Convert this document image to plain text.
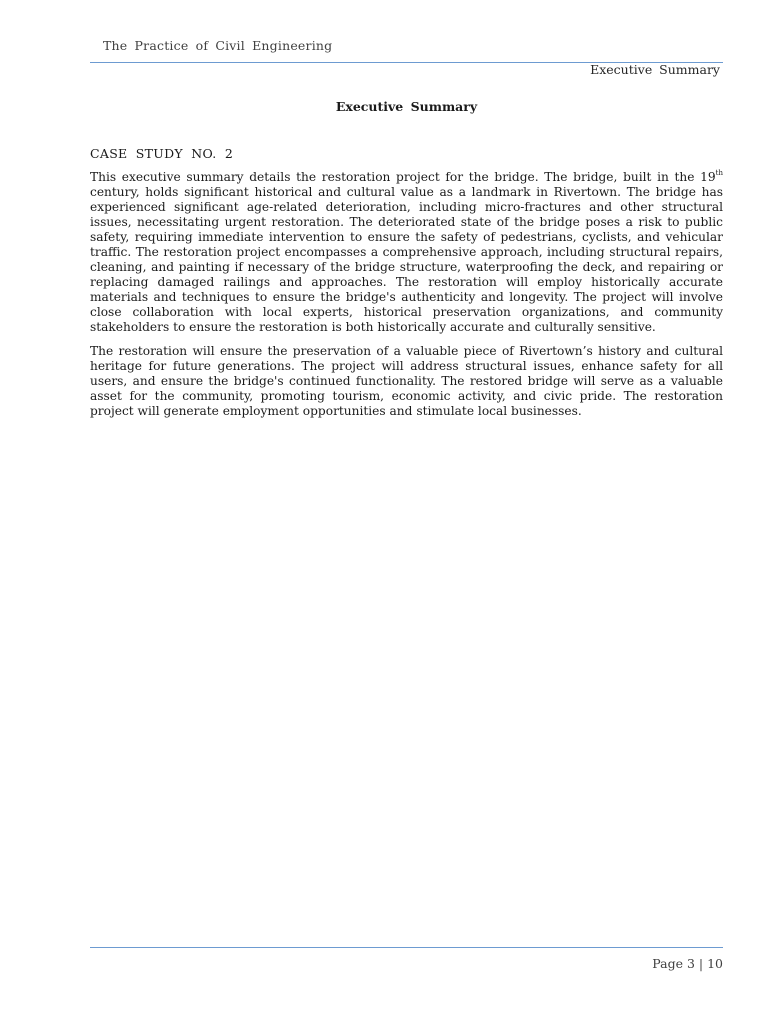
The Practice of Civil Engineering
Executive Summary
Executive Summary
CASE STUDY NO. 2

This executive summary details the restoration project for the bridge. The bridge, built in the 19th century, holds significant historical and cultural value as a landmark in Rivertown. The bridge has experienced significant age-related deterioration, including micro-fractures and other structural issues, necessitating urgent restoration. The deteriorated state of the bridge poses a risk to public safety, requiring immediate intervention to ensure the safety of pedestrians, cyclists, and vehicular traffic. The restoration project encompasses a comprehensive approach, including structural repairs, cleaning, and painting if necessary of the bridge structure, waterproofing the deck, and repairing or replacing damaged railings and approaches. The restoration will employ historically accurate materials and techniques to ensure the bridge's authenticity and longevity. The project will involve close collaboration with local experts, historical preservation organizations, and community stakeholders to ensure the restoration is both historically accurate and culturally sensitive.

The restoration will ensure the preservation of a valuable piece of Rivertown’s history and cultural heritage for future generations. The project will address structural issues, enhance safety for all users, and ensure the bridge's continued functionality. The restored bridge will serve as a valuable asset for the community, promoting tourism, economic activity, and civic pride. The restoration project will generate employment opportunities and stimulate local businesses.

Page 3 | 10
